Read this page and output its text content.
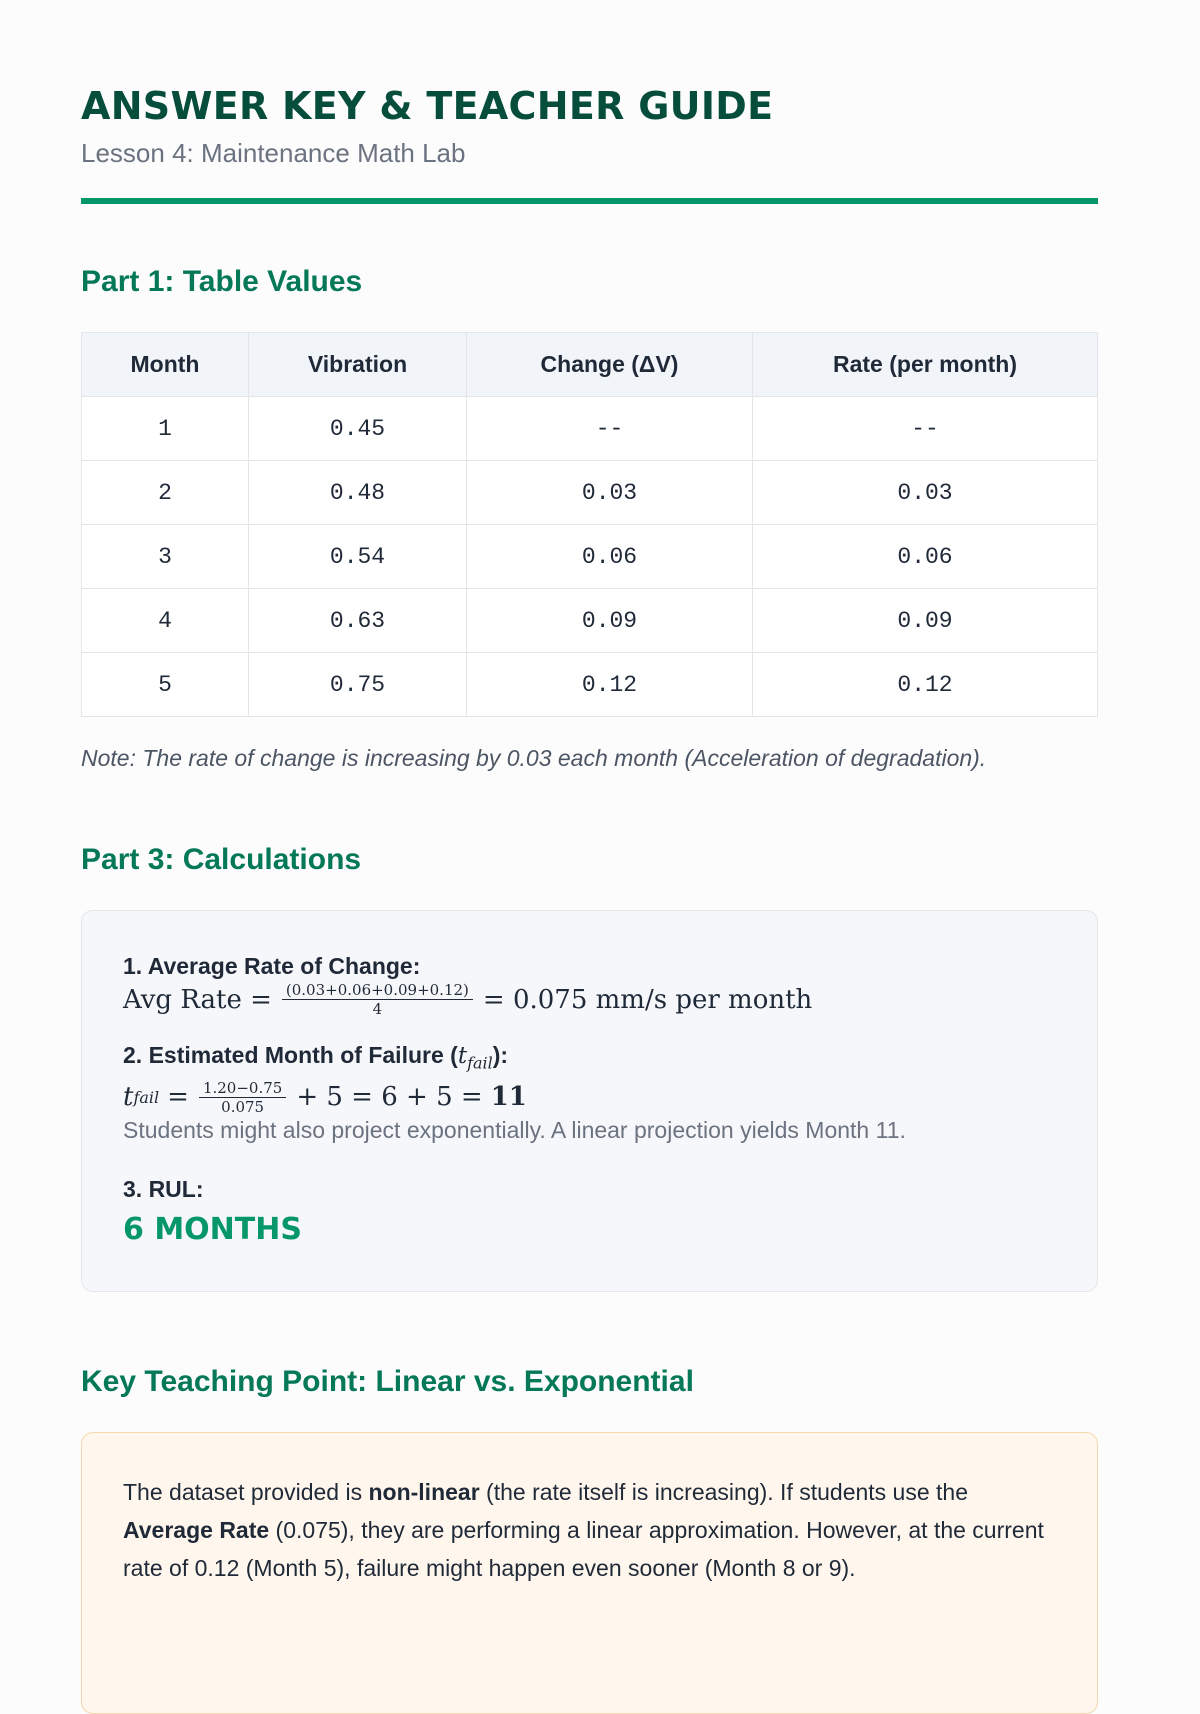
ANSWER KEY & TEACHER GUIDE
Lesson 4: Maintenance Math Lab
Part 1: Table Values
Month	Vibration	Change (ΔV)	Rate (per month)
1	0.45	--	--
2	0.48	0.03	0.03
3	0.54	0.06	0.06
4	0.63	0.09	0.09
5	0.75	0.12	0.12
Note: The rate of change is increasing by 0.03 each month (Acceleration of degradation).
Part 3: Calculations
1. Average Rate of Change:
Avg Rate = $\frac{(0.03+0.06+0.09+0.12)}{4} = 0.075$ mm/s per month
2. Estimated Month of Failure $(t_{fail})$:
t fail = $\frac{1.20-0.75}{0.075} + 5 = 6 + 5 = 11$
Students might also project exponentially. A linear projection yields Month 11.
3. RUL:
6 MONTHS
Key Teaching Point: Linear vs. Exponential
The dataset provided is non-linear (the rate itself is increasing). If students use the Average Rate (0.075), they are performing a linear approximation. However, at the current rate of 0.12 (Month 5), failure might happen even sooner (Month 8 or 9).
